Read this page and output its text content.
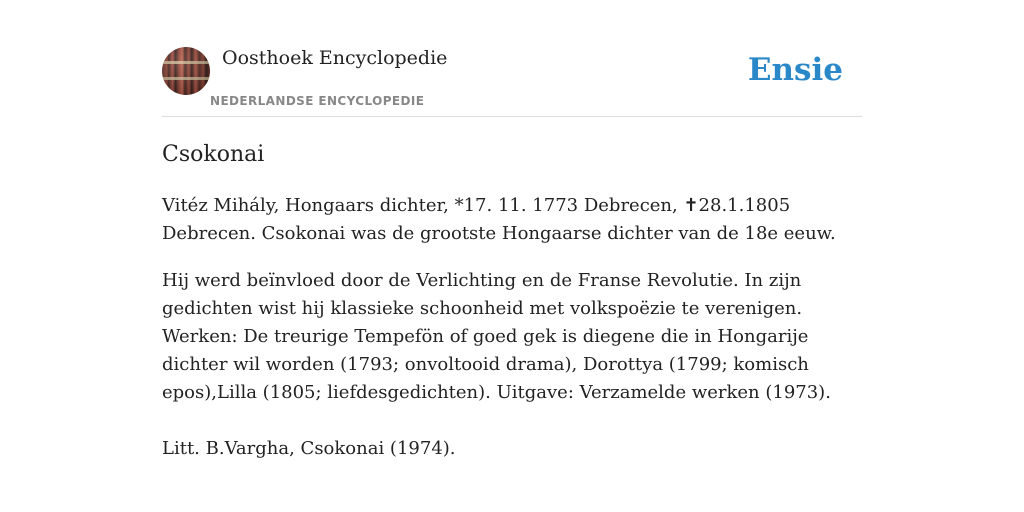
Oosthoek Encyclopedie
NEDERLANDSE ENCYCLOPEDIE
Ensie
Csokonai

Vitéz Mihály, Hongaars dichter, *17. 11. 1773 Debrecen, ✝28.1.1805 Debrecen. Csokonai was de grootste Hongaarse dichter van de 18e eeuw.

Hij werd beïnvloed door de Verlichting en de Franse Revolutie. In zijn gedichten wist hij klassieke schoonheid met volkspoëzie te verenigen. Werken: De treurige Tempefön of goed gek is diegene die in Hongarije dichter wil worden (1793; onvoltooid drama), Dorottya (1799; komisch epos),Lilla (1805; liefdesgedichten). Uitgave: Verzamelde werken (1973).

Litt. B.Vargha, Csokonai (1974).
